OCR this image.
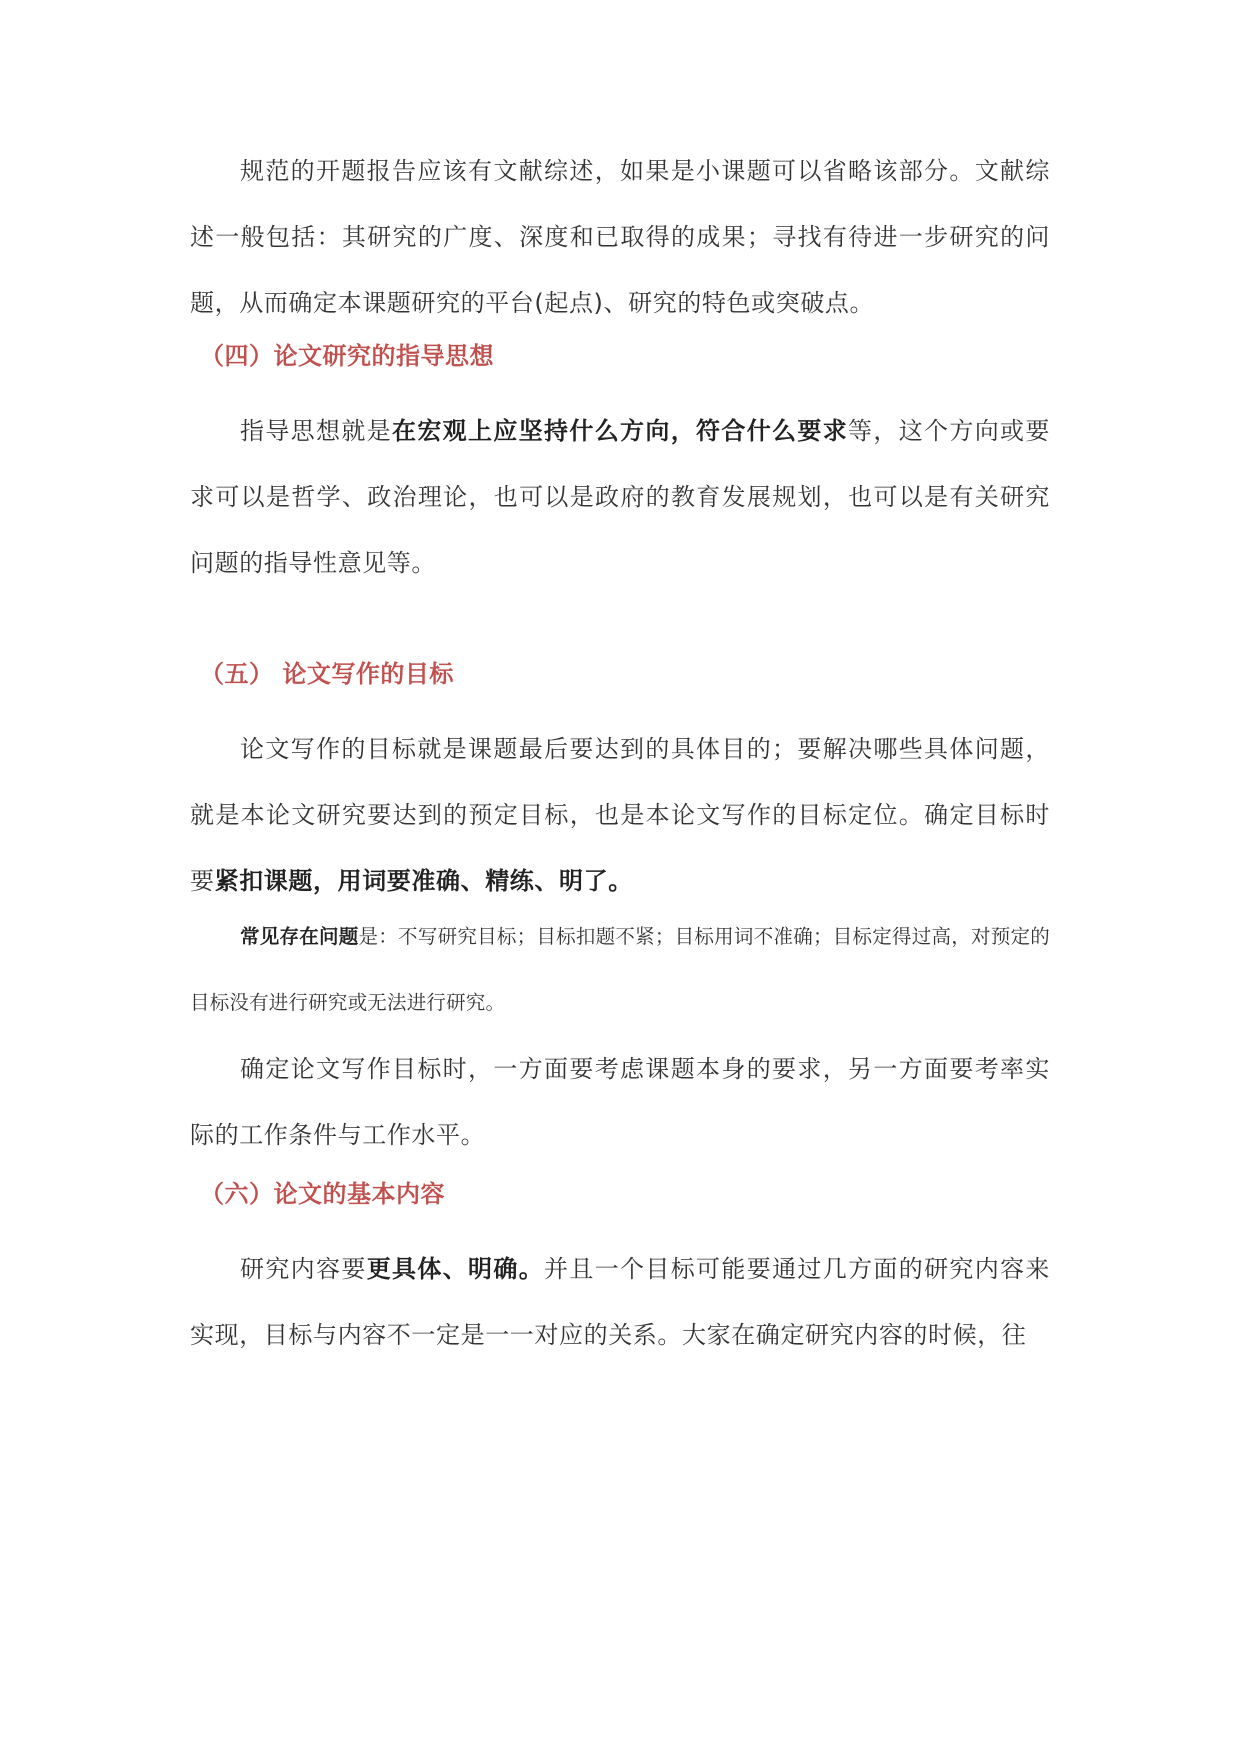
规范的开题报告应该有文献综述，如果是小课题可以省略该部分。文献综述一般包括：其研究的广度、深度和已取得的成果；寻找有待进一步研究的问题，从而确定本课题研究的平台(起点)、研究的特色或突破点。

（四）论文研究的指导思想

指导思想就是在宏观上应坚持什么方向，符合什么要求等，这个方向或要求可以是哲学、政治理论，也可以是政府的教育发展规划，也可以是有关研究问题的指导性意见等。

（五） 论文写作的目标

论文写作的目标就是课题最后要达到的具体目的；要解决哪些具体问题，就是本论文研究要达到的预定目标，也是本论文写作的目标定位。确定目标时要紧扣课题，用词要准确、精练、明了。

常见存在问题是：不写研究目标；目标扣题不紧；目标用词不准确；目标定得过高，对预定的目标没有进行研究或无法进行研究。

确定论文写作目标时，一方面要考虑课题本身的要求，另一方面要考率实际的工作条件与工作水平。

（六）论文的基本内容

研究内容要更具体、明确。并且一个目标可能要通过几方面的研究内容来实现，目标与内容不一定是一一对应的关系。大家在确定研究内容的时候，往
